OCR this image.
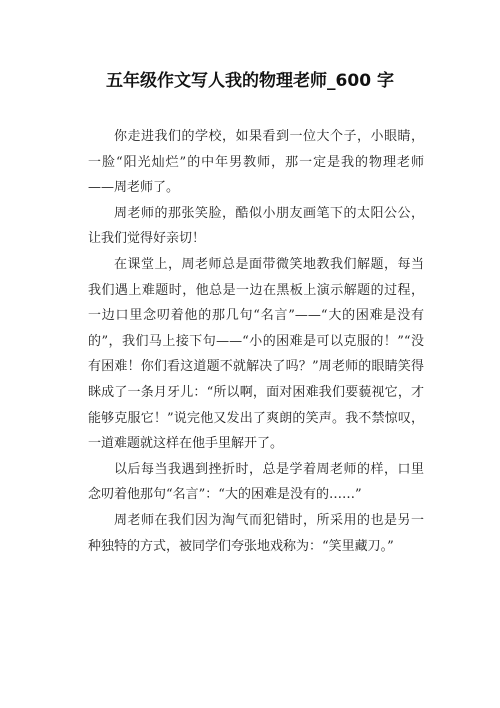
五年级作文写人我的物理老师_600 字

你走进我们的学校，如果看到一位大个子，小眼睛，一脸“阳光灿烂”的中年男教师，那一定是我的物理老师——周老师了。

周老师的那张笑脸，酷似小朋友画笔下的太阳公公，让我们觉得好亲切！

在课堂上，周老师总是面带微笑地教我们解题，每当我们遇上难题时，他总是一边在黑板上演示解题的过程，一边口里念叨着他的那几句“名言”——“大的困难是没有的”，我们马上接下句——“小的困难是可以克服的！”“没有困难！你们看这道题不就解决了吗？”周老师的眼睛笑得眯成了一条月牙儿：“所以啊，面对困难我们要藐视它，才能够克服它！”说完他又发出了爽朗的笑声。我不禁惊叹，一道难题就这样在他手里解开了。

以后每当我遇到挫折时，总是学着周老师的样，口里念叨着他那句“名言”：“大的困难是没有的……”

周老师在我们因为淘气而犯错时，所采用的也是另一种独特的方式，被同学们夸张地戏称为：“笑里藏刀。”
